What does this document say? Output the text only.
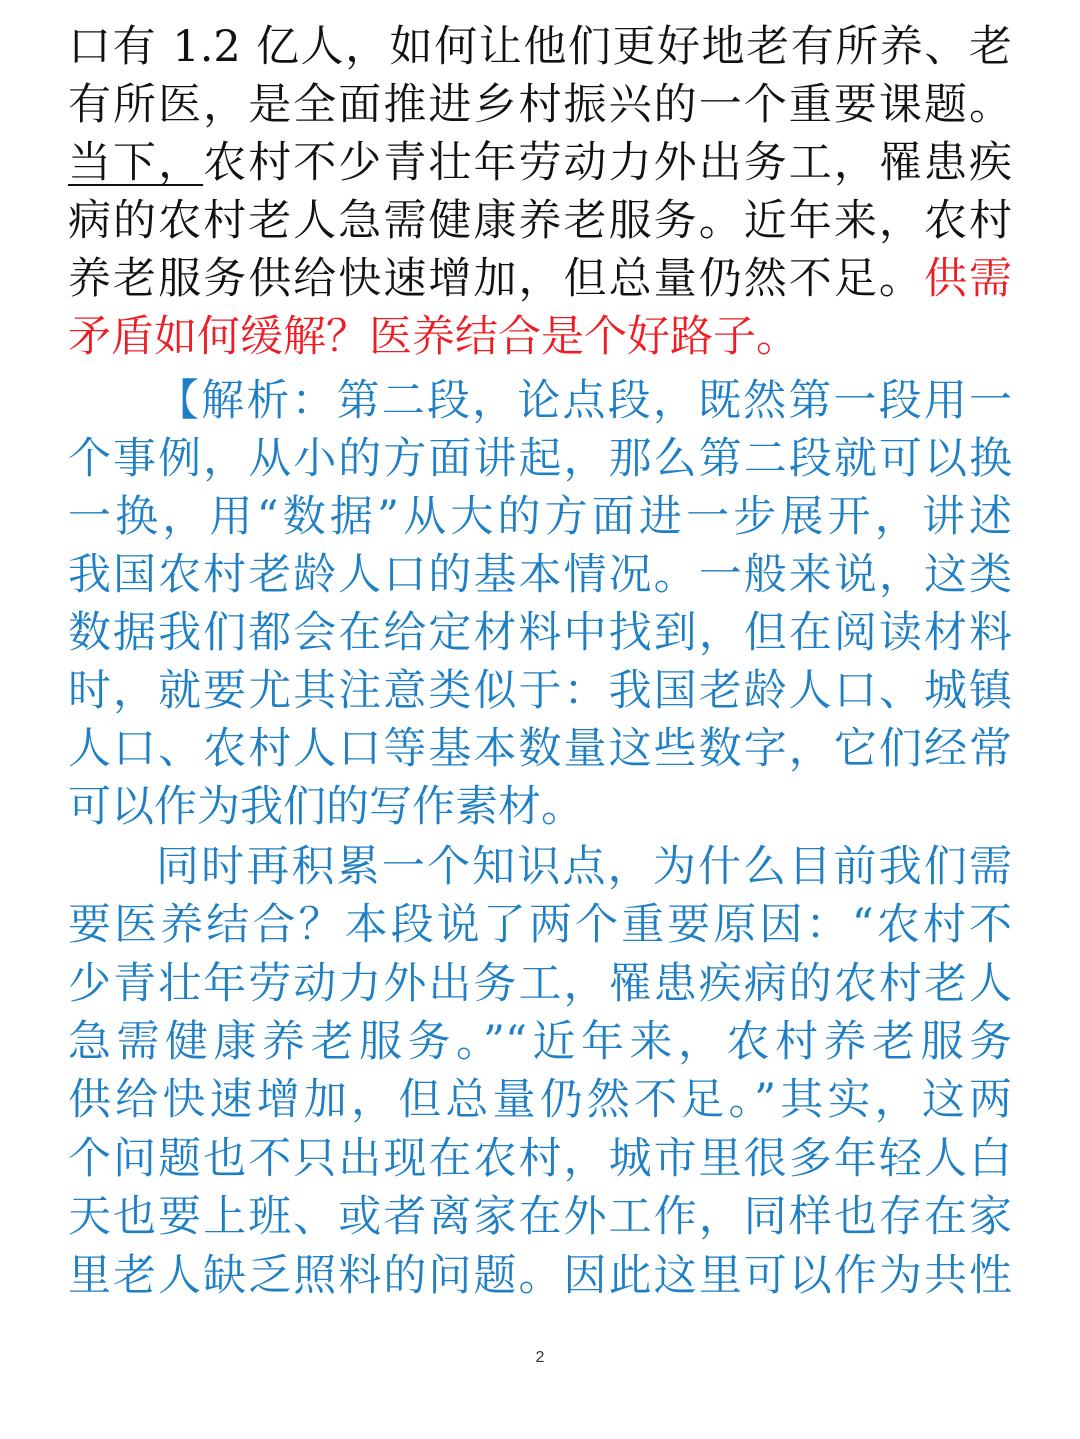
口有 1.2 亿人，如何让他们更好地老有所养、老
有所医，是全面推进乡村振兴的一个重要课题。
当下，农村不少青壮年劳动力外出务工，罹患疾
病的农村老人急需健康养老服务。近年来，农村
养老服务供给快速增加，但总量仍然不足。供需
矛盾如何缓解？医养结合是个好路子。
【解析：第二段，论点段，既然第一段用一
个事例，从小的方面讲起，那么第二段就可以换
一换，用“数据”从大的方面进一步展开，讲述
我国农村老龄人口的基本情况。一般来说，这类
数据我们都会在给定材料中找到，但在阅读材料
时，就要尤其注意类似于：我国老龄人口、城镇
人口、农村人口等基本数量这些数字，它们经常
可以作为我们的写作素材。
同时再积累一个知识点，为什么目前我们需
要医养结合？本段说了两个重要原因：“农村不
少青壮年劳动力外出务工，罹患疾病的农村老人
急需健康养老服务。”“近年来，农村养老服务
供给快速增加，但总量仍然不足。”其实，这两
个问题也不只出现在农村，城市里很多年轻人白
天也要上班、或者离家在外工作，同样也存在家
里老人缺乏照料的问题。因此这里可以作为共性
2
